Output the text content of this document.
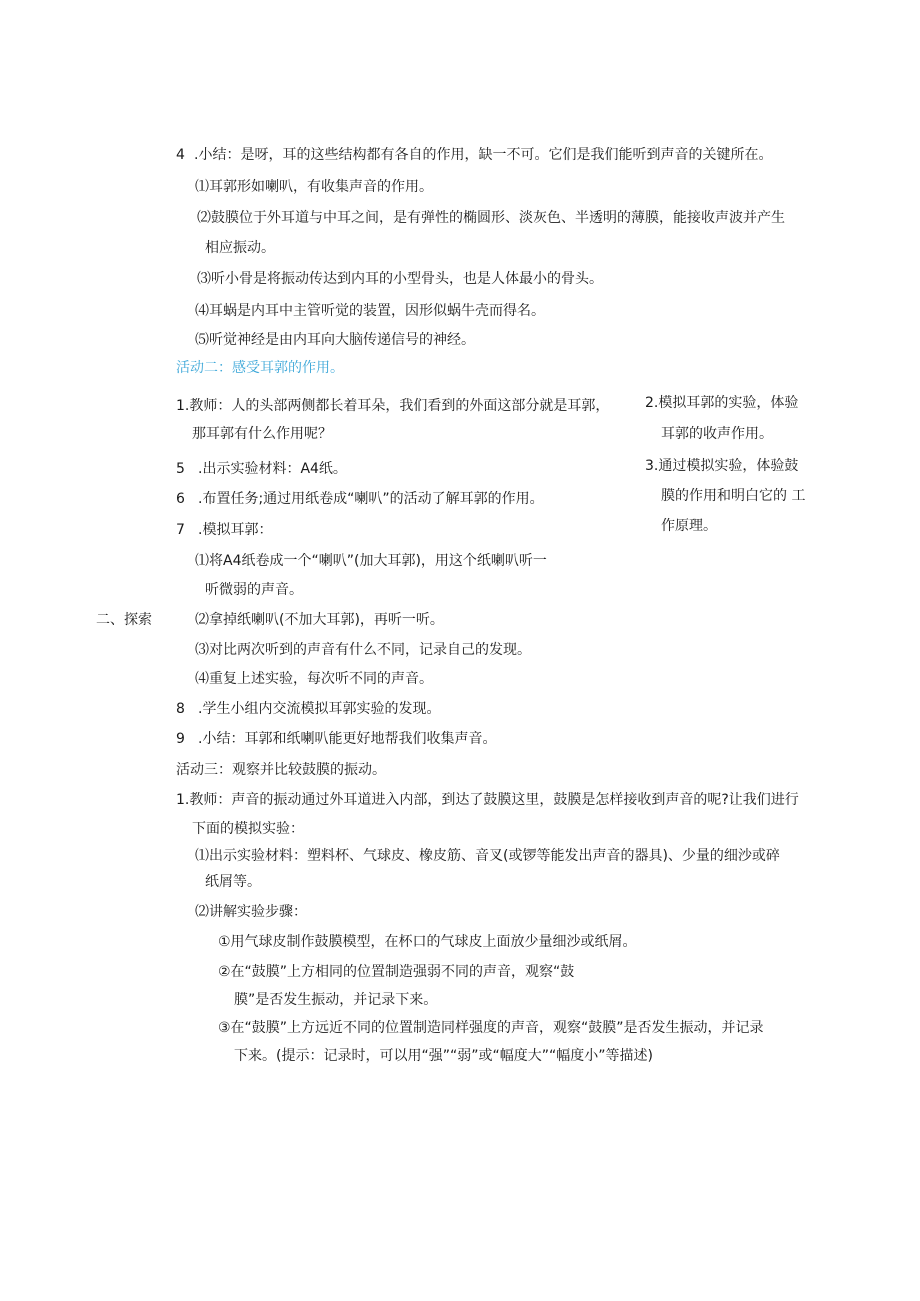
4 .小结：是呀，耳的这些结构都有各自的作用，缺一不可。它们是我们能听到声音的关键所在。

⑴耳郭形如喇叭，有收集声音的作用。

⑵鼓膜位于外耳道与中耳之间，是有弹性的椭圆形、淡灰色、半透明的薄膜，能接收声波并产生

相应振动。

⑶听小骨是将振动传达到内耳的小型骨头，也是人体最小的骨头。

⑷耳蜗是内耳中主管听觉的装置，因形似蜗牛壳而得名。

⑸听觉神经是由内耳向大脑传递信号的神经。

活动二：感受耳郭的作用。

1.教师：人的头部两侧都长着耳朵，我们看到的外面这部分就是耳郭，

那耳郭有什么作用呢？

5 .出示实验材料：A4纸。

6 .布置任务;通过用纸卷成“喇叭”的活动了解耳郭的作用。

7 .模拟耳郭：

⑴将A4纸卷成一个“喇叭”(加大耳郭)，用这个纸喇叭听一

听微弱的声音。

二、探索	⑵拿掉纸喇叭(不加大耳郭)，再听一听。

⑶对比两次听到的声音有什么不同，记录自己的发现。

⑷重复上述实验，每次听不同的声音。

8 .学生小组内交流模拟耳郭实验的发现。

9 .小结：耳郭和纸喇叭能更好地帮我们收集声音。

2.模拟耳郭的实验，体验

耳郭的收声作用。

3.通过模拟实验，体验鼓

膜的作用和明白它的 工

作原理。

活动三：观察并比较鼓膜的振动。

1.教师：声音的振动通过外耳道进入内部，到达了鼓膜这里，鼓膜是怎样接收到声音的呢?让我们进行

下面的模拟实验：

⑴出示实验材料：塑料杯、气球皮、橡皮筋、音叉(或锣等能发出声音的器具)、少量的细沙或碎

纸屑等。

⑵讲解实验步骤：

①用气球皮制作鼓膜模型，在杯口的气球皮上面放少量细沙或纸屑。

②在“鼓膜”上方相同的位置制造强弱不同的声音，观察“鼓

膜”是否发生振动，并记录下来。

③在“鼓膜”上方远近不同的位置制造同样强度的声音，观察“鼓膜”是否发生振动，并记录

下来。(提示：记录时，可以用“强”“弱”或“幅度大”“幅度小”等描述)
